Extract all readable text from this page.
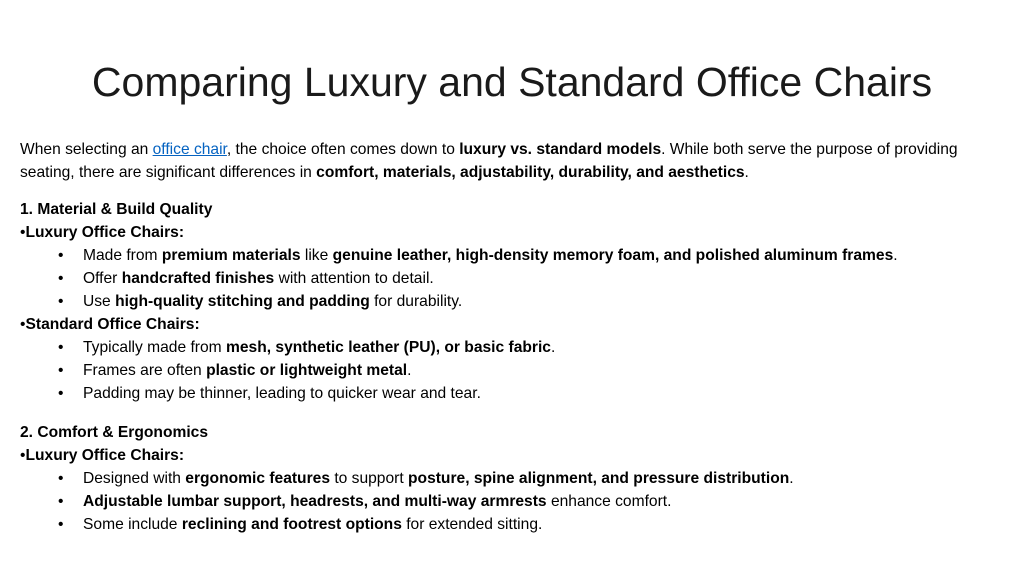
Comparing Luxury and Standard Office Chairs

When selecting an office chair, the choice often comes down to luxury vs. standard models. While both serve the purpose of providing seating, there are significant differences in comfort, materials, adjustability, durability, and aesthetics.

1. Material & Build Quality
•Luxury Office Chairs:
• Made from premium materials like genuine leather, high-density memory foam, and polished aluminum frames.
• Offer handcrafted finishes with attention to detail.
• Use high-quality stitching and padding for durability.
•Standard Office Chairs:
• Typically made from mesh, synthetic leather (PU), or basic fabric.
• Frames are often plastic or lightweight metal.
• Padding may be thinner, leading to quicker wear and tear.
2. Comfort & Ergonomics
•Luxury Office Chairs:
• Designed with ergonomic features to support posture, spine alignment, and pressure distribution.
• Adjustable lumbar support, headrests, and multi-way armrests enhance comfort.
• Some include reclining and footrest options for extended sitting.
